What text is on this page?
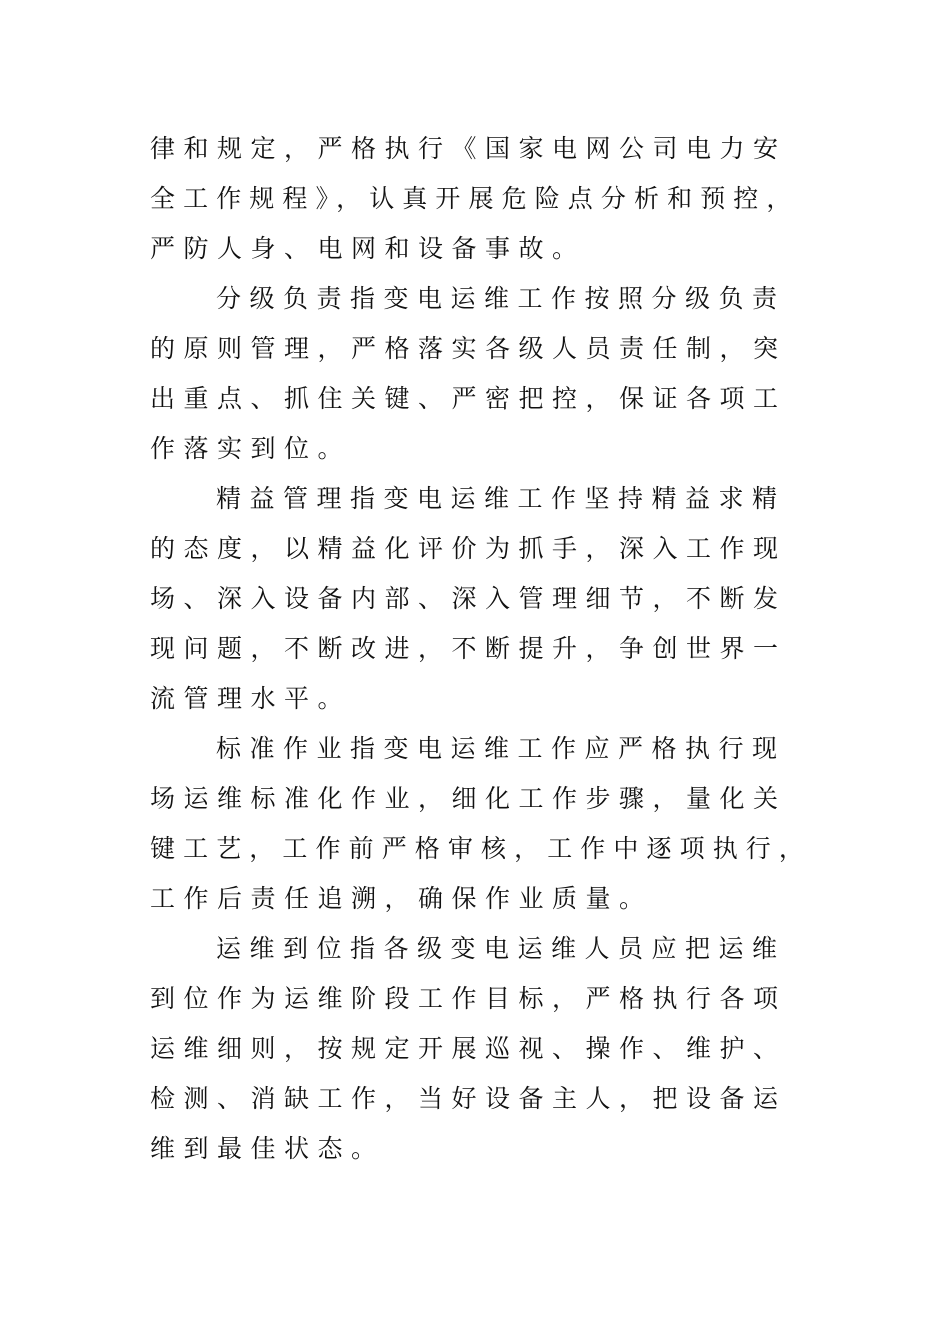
律和规定，严格执行《国家电网公司电力安
全工作规程》，认真开展危险点分析和预控，
严防人身、电网和设备事故。
分级负责指变电运维工作按照分级负责
的原则管理，严格落实各级人员责任制，突
出重点、抓住关键、严密把控，保证各项工
作落实到位。
精益管理指变电运维工作坚持精益求精
的态度，以精益化评价为抓手，深入工作现
场、深入设备内部、深入管理细节，不断发
现问题，不断改进，不断提升，争创世界一
流管理水平。
标准作业指变电运维工作应严格执行现
场运维标准化作业，细化工作步骤，量化关
键工艺，工作前严格审核，工作中逐项执行，
工作后责任追溯，确保作业质量。
运维到位指各级变电运维人员应把运维
到位作为运维阶段工作目标，严格执行各项
运维细则，按规定开展巡视、操作、维护、
检测、消缺工作，当好设备主人，把设备运
维到最佳状态。
